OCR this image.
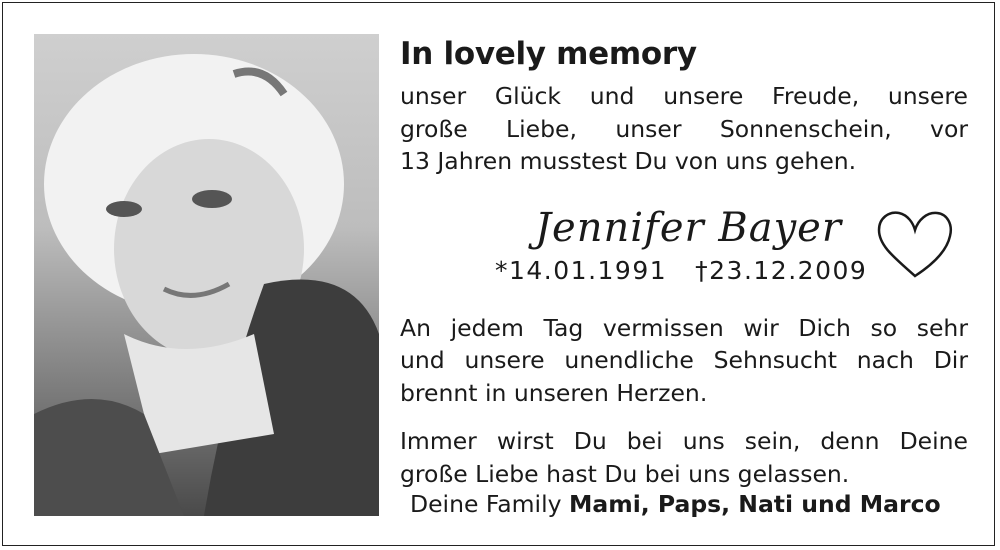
In lovely memory

unser Glück und unsere Freude, unsere
große Liebe, unser Sonnenschein, vor
13 Jahren musstest Du von uns gehen.

An jedem Tag vermissen wir Dich so sehr
und unsere unendliche Sehnsucht nach Dir
brennt in unseren Herzen.

Immer wirst Du bei uns sein, denn Deine
große Liebe hast Du bei uns gelassen.

Jennifer Bayer
*14.01.1991 †23.12.2009
Deine Family Mami, Paps, Nati und Marco
